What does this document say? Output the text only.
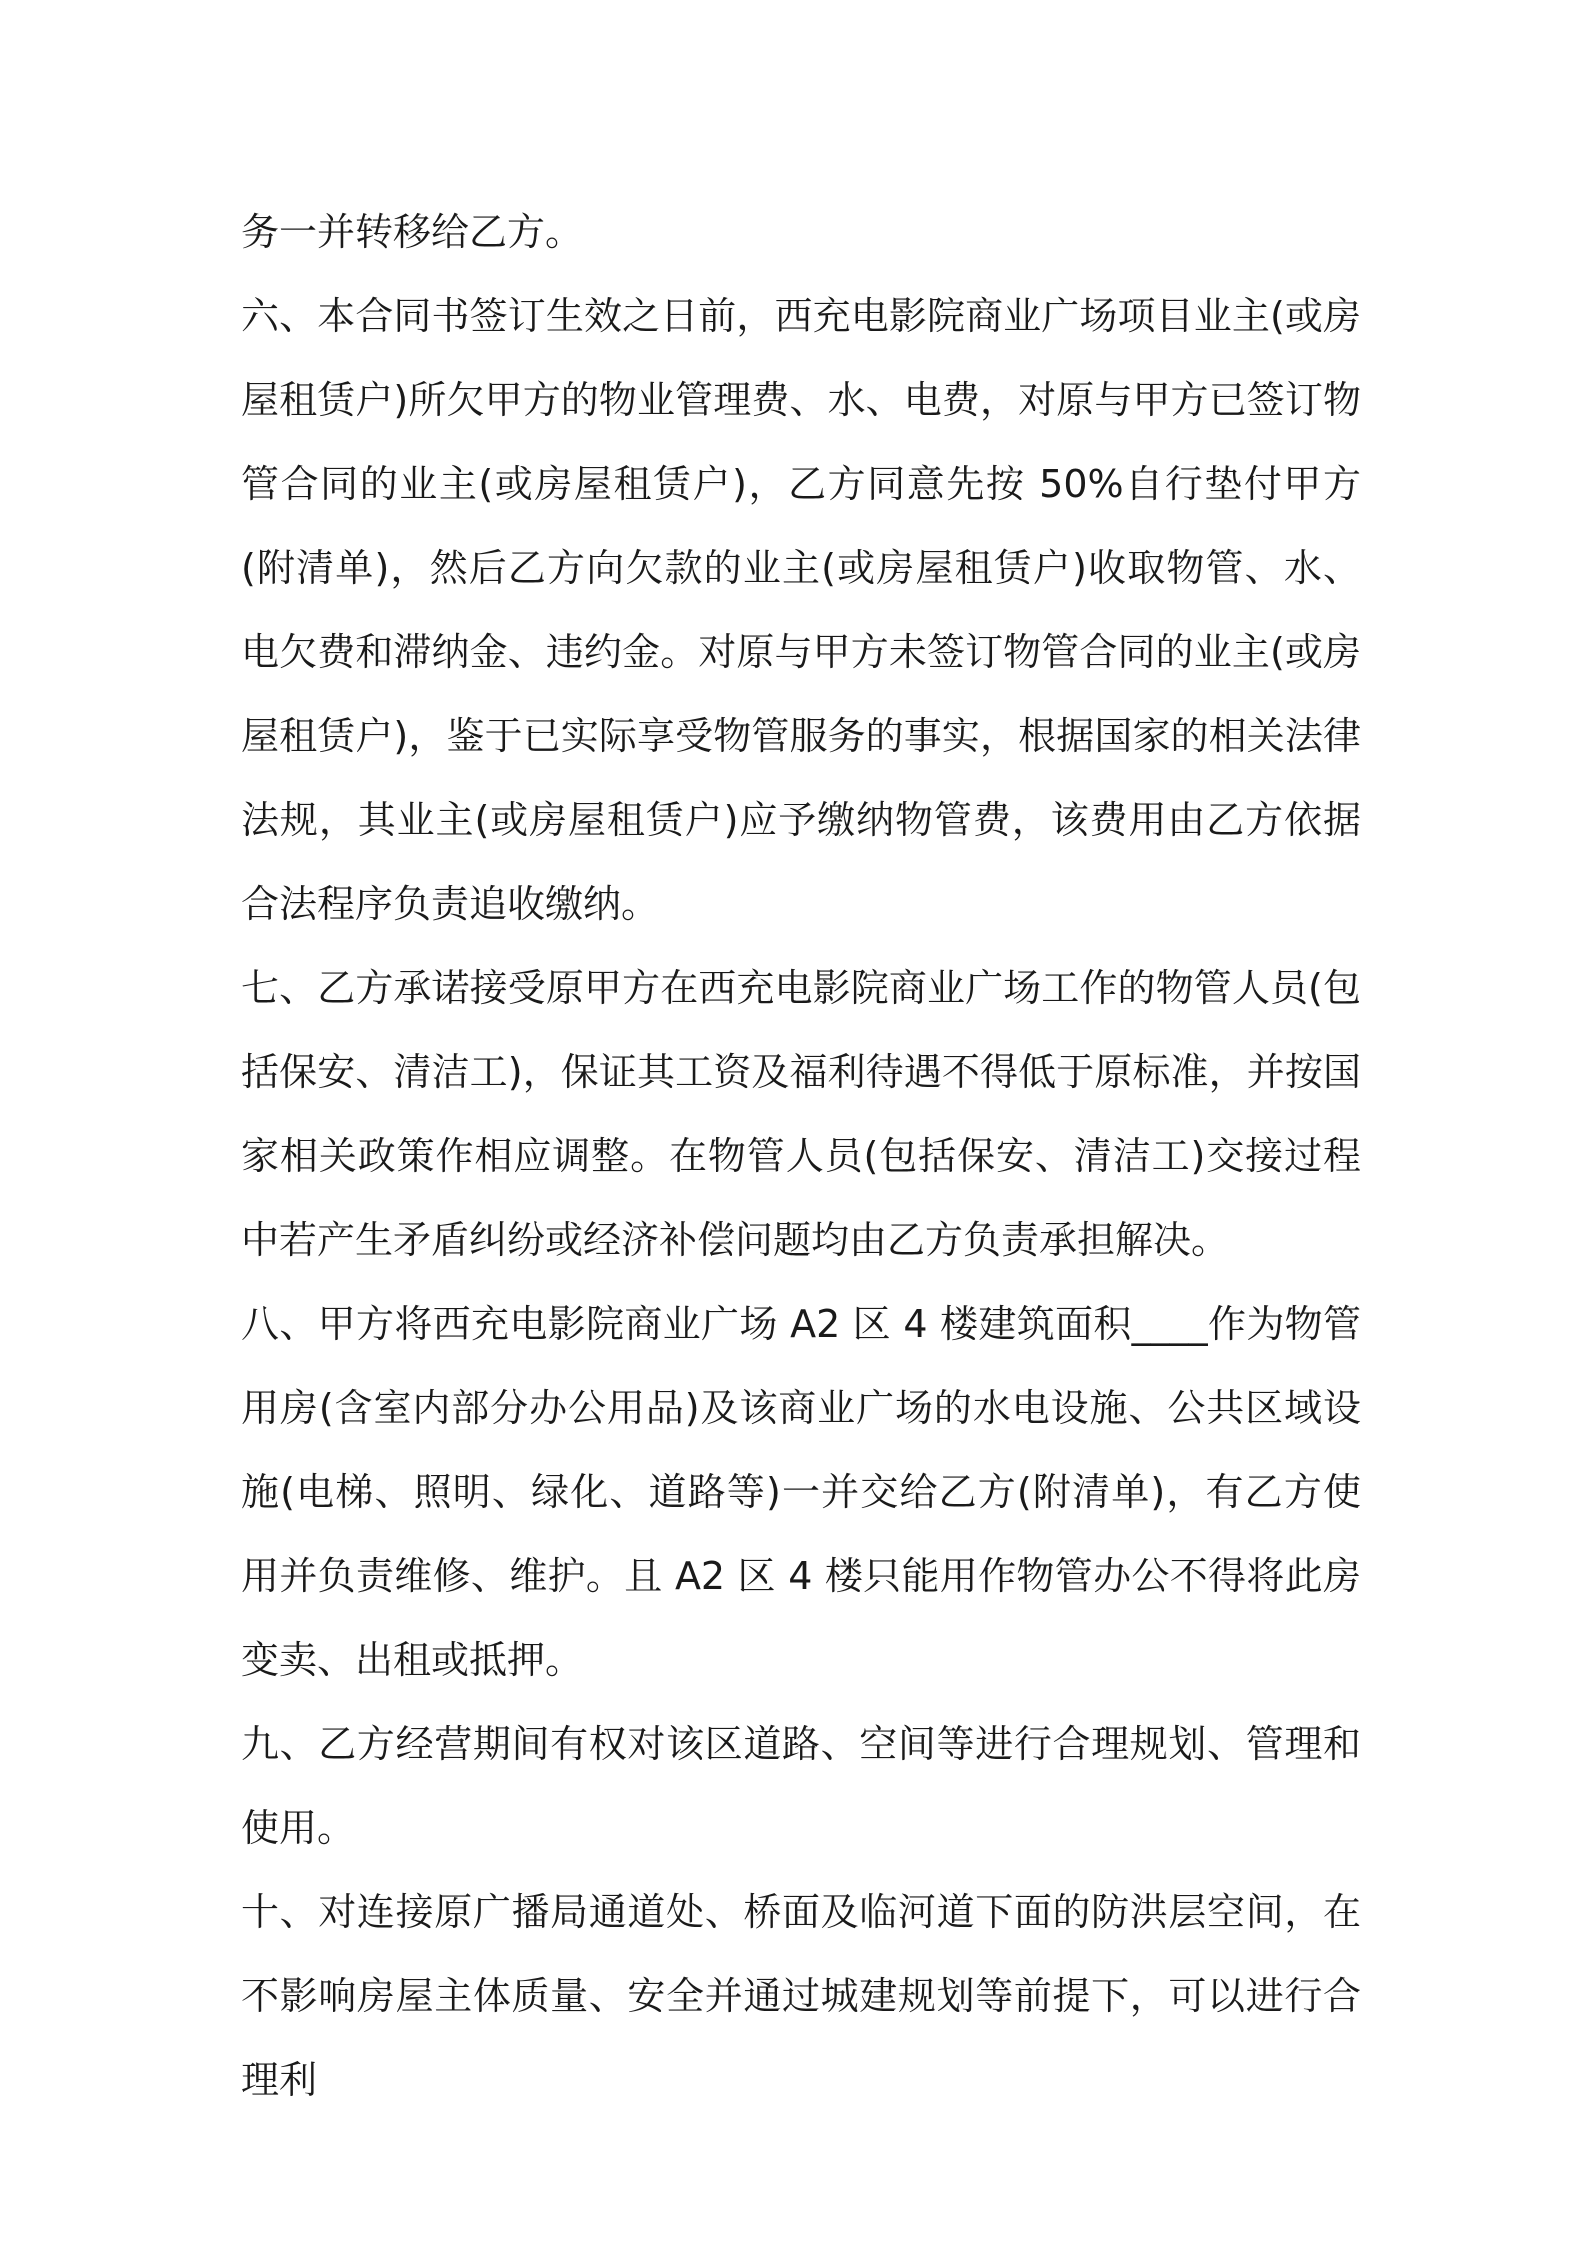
务一并转移给乙方。

六、本合同书签订生效之日前，西充电影院商业广场项目业主(或房屋租赁户)所欠甲方的物业管理费、水、电费，对原与甲方已签订物管合同的业主(或房屋租赁户)，乙方同意先按 50%自行垫付甲方(附清单)，然后乙方向欠款的业主(或房屋租赁户)收取物管、水、电欠费和滞纳金、违约金。对原与甲方未签订物管合同的业主(或房屋租赁户)，鉴于已实际享受物管服务的事实，根据国家的相关法律法规，其业主(或房屋租赁户)应予缴纳物管费，该费用由乙方依据合法程序负责追收缴纳。

七、乙方承诺接受原甲方在西充电影院商业广场工作的物管人员(包括保安、清洁工)，保证其工资及福利待遇不得低于原标准，并按国家相关政策作相应调整。在物管人员(包括保安、清洁工)交接过程中若产生矛盾纠纷或经济补偿问题均由乙方负责承担解决。

八、甲方将西充电影院商业广场 A2 区 4 楼建筑面积____作为物管用房(含室内部分办公用品)及该商业广场的水电设施、公共区域设施(电梯、照明、绿化、道路等)一并交给乙方(附清单)，有乙方使用并负责维修、维护。且 A2 区 4 楼只能用作物管办公不得将此房变卖、出租或抵押。

九、乙方经营期间有权对该区道路、空间等进行合理规划、管理和使用。

十、对连接原广播局通道处、桥面及临河道下面的防洪层空间，在不影响房屋主体质量、安全并通过城建规划等前提下，可以进行合理利
